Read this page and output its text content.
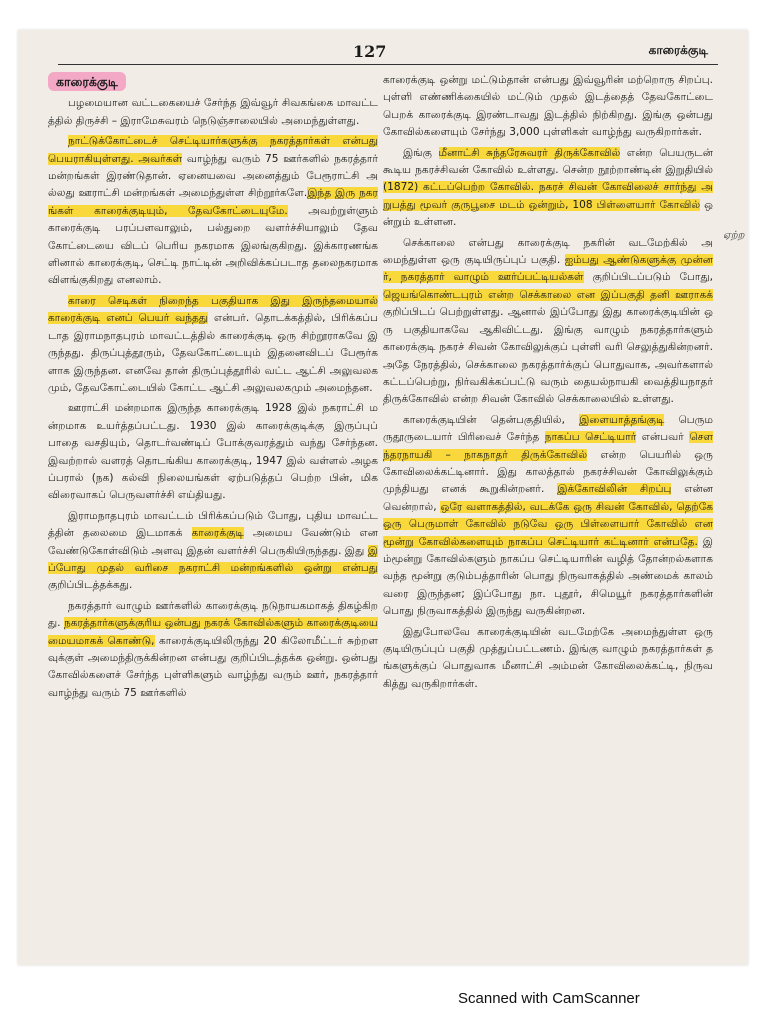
127	காரைக்குடி
காரைக்குடி

பழமையான வட்டகையைச் சேர்ந்த இவ்வூர் சிவகங்கை மாவட்டத்தில் திருச்சி – இராமேசுவரம் நெடுஞ்சாலையில் அமைந்துள்ளது.

நாட்டுக்கோட்டைச் செட்டியார்களுக்கு நகரத்தார்கள் என்பது பெயராகியுள்ளது. அவர்கள் வாழ்ந்து வரும் 75 ஊர்களில் நகரத்தார் மன்றங்கள் இரண்டுதான். ஏனையவை அனைத்தும் பேரூராட்சி அல்லது ஊராட்சி மன்றங்கள் அமைந்துள்ள சிற்றூர்களே.இந்த இரு நகரங்கள் காரைக்குடியும், தேவகோட்டையுமே. அவற்றுள்ளும் காரைக்குடி பரப்பளவாலும், பல்துறை வளர்ச்சியாலும் தேவகோட்டையை விடப் பெரிய நகரமாக இலங்குகிறது. இக்காரணங்களினால் காரைக்குடி, செட்டி நாட்டின் அறிவிக்கப்படாத தலைநகரமாக விளங்குகிறது எனலாம்.

காரை செடிகள் நிறைந்த பகுதியாக இது இருந்தமையால் காரைக்குடி எனப் பெயர் வந்தது என்பர். தொடக்கத்தில், பிரிக்கப்படாத இராமநாதபுரம் மாவட்டத்தில் காரைக்குடி ஒரு சிற்றூராகவே இருந்தது. திருப்புத்தூரும், தேவகோட்டையும் இதனைவிடப் பேரூர்களாக இருந்தன. எனவே தான் திருப்புத்தூரில் வட்ட ஆட்சி அலுவலகமும், தேவகோட்டையில் கோட்ட ஆட்சி அலுவலகமும் அமைந்தன.

ஊராட்சி மன்றமாக இருந்த காரைக்குடி 1928 இல் நகராட்சி மன்றமாக உயர்த்தப்பட்டது. 1930 இல் காரைக்குடிக்கு இருப்புப் பாதை வசதியும், தொடர்வண்டிப் போக்குவரத்தும் வந்து சேர்ந்தன. இவற்றால் வளரத் தொடங்கிய காரைக்குடி, 1947 இல் வள்ளல் அழகப்பரால் (நக) கல்வி நிலையங்கள் ஏற்படுத்தப் பெற்ற பின், மிக விரைவாகப் பெருவளர்ச்சி எய்தியது.

இராமநாதபுரம் மாவட்டம் பிரிக்கப்படும் போது, புதிய மாவட்டத்தின் தலைமை இடமாகக் காரைக்குடி அமைய வேண்டும் என வேண்டுகோள்விடும் அளவு இதன் வளர்ச்சி பெருகியிருந்தது. இது இப்போது முதல் வரிசை நகராட்சி மன்றங்களில் ஒன்று என்பது குறிப்பிடத்தக்கது.

நகரத்தார் வாழும் ஊர்களில் காரைக்குடி நடுநாயகமாகத் திகழ்கிறது. நகரத்தார்களுக்குரிய ஒன்பது நகரக் கோவில்களும் காரைக்குடியை மையமாகக் கொண்டு, காரைக்குடியிலிருந்து 20 கிலோமீட்டர் சுற்றளவுக்குள் அமைந்திருக்கின்றன என்பது குறிப்பிடத்தக்க ஒன்று. ஒன்பது கோவில்களைச் சேர்ந்த புள்ளிகளும் வாழ்ந்து வரும் ஊர், நகரத்தார் வாழ்ந்து வரும் 75 ஊர்களில்

காரைக்குடி ஒன்று மட்டும்தான் என்பது இவ்வூரின் மற்றொரு சிறப்பு. புள்ளி எண்ணிக்கையில் மட்டும் முதல் இடத்தைத் தேவகோட்டை பெறக் காரைக்குடி இரண்டாவது இடத்தில் நிற்கிறது. இங்கு ஒன்பது கோவில்களையும் சேர்ந்து 3,000 புள்ளிகள் வாழ்ந்து வருகிறார்கள்.

இங்கு மீனாட்சி சுந்தரேசுவரர் திருக்கோவில் என்ற பெயருடன் கூடிய நகரச்சிவன் கோவில் உள்ளது. சென்ற நூற்றாண்டின் இறுதியில் (1872) கட்டப்பெற்ற கோவில். நகரச் சிவன் கோவிலைச் சார்ந்து அறுபத்து மூவர் குருபூசை மடம் ஒன்றும், 108 பிள்ளையார் கோவில் ஒன்றும் உள்ளன.

செக்காலை என்பது காரைக்குடி நகரின் வடமேற்கில் அமைந்துள்ள ஒரு குடியிருப்புப் பகுதி. ஐம்பது ஆண்டுகளுக்கு முன்னர், நகரத்தார் வாழும் ஊர்ப்பட்டியல்கள் குறிப்பிடப்படும் போது, ஜெயங்கொண்டபுரம் என்ற செக்காலை என இப்பகுதி தனி ஊராகக் குறிப்பிடப் பெற்றுள்ளது. ஆனால் இப்போது இது காரைக்குடியின் ஒரு பகுதியாகவே ஆகிவிட்டது. இங்கு வாழும் நகரத்தார்களும் காரைக்குடி நகரச் சிவன் கோவிலுக்குப் புள்ளி வரி செலுத்துகின்றனர். அதே நேரத்தில், செக்காலை நகரத்தார்க்குப் பொதுவாக, அவர்களால் கட்டப்பெற்று, நிர்வகிக்கப்பட்டு வரும் தையல்நாயகி வைத்தியநாதர் திருக்கோவில் என்ற சிவன் கோவில் செக்காலையில் உள்ளது.

காரைக்குடியின் தென்பகுதியில், இளையாத்தங்குடி பெருமருதூருடையார் பிரிவைச் சேர்ந்த நாகப்ப செட்டியார் என்பவர் செளந்தரநாயகி – நாகநாதர் திருக்கோவில் என்ற பெயரில் ஒரு கோவிலைக்கட்டினார். இது காலத்தால் நகரச்சிவன் கோவிலுக்கும் முந்தியது எனக் கூறுகின்றனர். இக்கோவிலின் சிறப்பு என்னவென்றால், ஒரே வளாகத்தில், வடக்கே ஒரு சிவன் கோவில், தெற்கே ஒரு பெருமாள் கோவில் நடுவே ஒரு பிள்ளையார் கோவில் என மூன்று கோவில்களையும் நாகப்ப செட்டியார் கட்டினார் என்பதே. இம்மூன்று கோவில்களும் நாகப்ப செட்டியாரின் வழித் தோன்றல்களாக வந்த மூன்று குடும்பத்தாரின் பொது நிருவாகத்தில் அண்மைக் காலம் வரை இருந்தன; இப்போது நா. புதூர், சிமெயூர் நகரத்தார்களின் பொது நிருவாகத்தில் இருந்து வருகின்றன.

இதுபோலவே காரைக்குடியின் வடமேற்கே அமைந்துள்ள ஒரு குடியிருப்புப் பகுதி முத்துப்பட்டணம். இங்கு வாழும் நகரத்தார்கள் தங்களுக்குப் பொதுவாக மீனாட்சி அம்மன் கோவிலைக்கட்டி, நிருவகித்து வருகிறார்கள்.

ஏற்ற
Scanned with CamScanner
